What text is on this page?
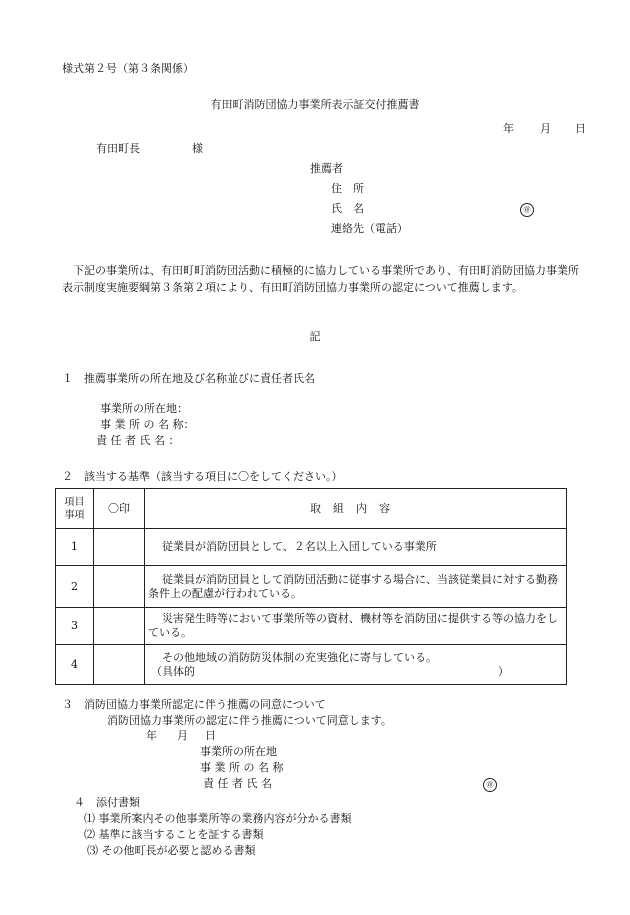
様式第２号（第３条関係）
有田町消防団協力事業所表示証交付推薦書
年 月 日
有田町長	様
推薦者
住　所
氏　名	㊞
連絡先（電話）
下記の事業所は、有田町町消防団活動に積極的に協力している事業所であり、有田町消防団協力事業所表示制度実施要綱第３条第２項により、有田町消防団協力事業所の認定について推薦します。
記
１　推薦事業所の所在地及び名称並びに責任者氏名
事業所の所在地：
事 業 所 の 名 称：
責 任 者 氏 名 ：
２　該当する基準（該当する項目に〇をしてください。）
項目事項	〇印	取組内容
1		従業員が消防団員として、２名以上入団している事業所
2		従業員が消防団員として消防団活動に従事する場合に、当該従業員に対する勤務条件上の配慮が行われている。
3		災害発生時等において事業所等の資材、機材等を消防団に提供する等の協力をしている。
4		その他地域の消防防災体制の充実強化に寄与している。
（具体的 ）
３　消防団協力事業所認定に伴う推薦の同意について
消防団協力事業所の認定に伴う推薦について同意します。
年 月 日
事業所の所在地
事 業 所 の 名 称
責 任 者 氏 名	㊞
４　添付書類
⑴ 事業所案内その他事業所等の業務内容が分かる書類
⑵ 基準に該当することを証する書類
⑶ その他町長が必要と認める書類
